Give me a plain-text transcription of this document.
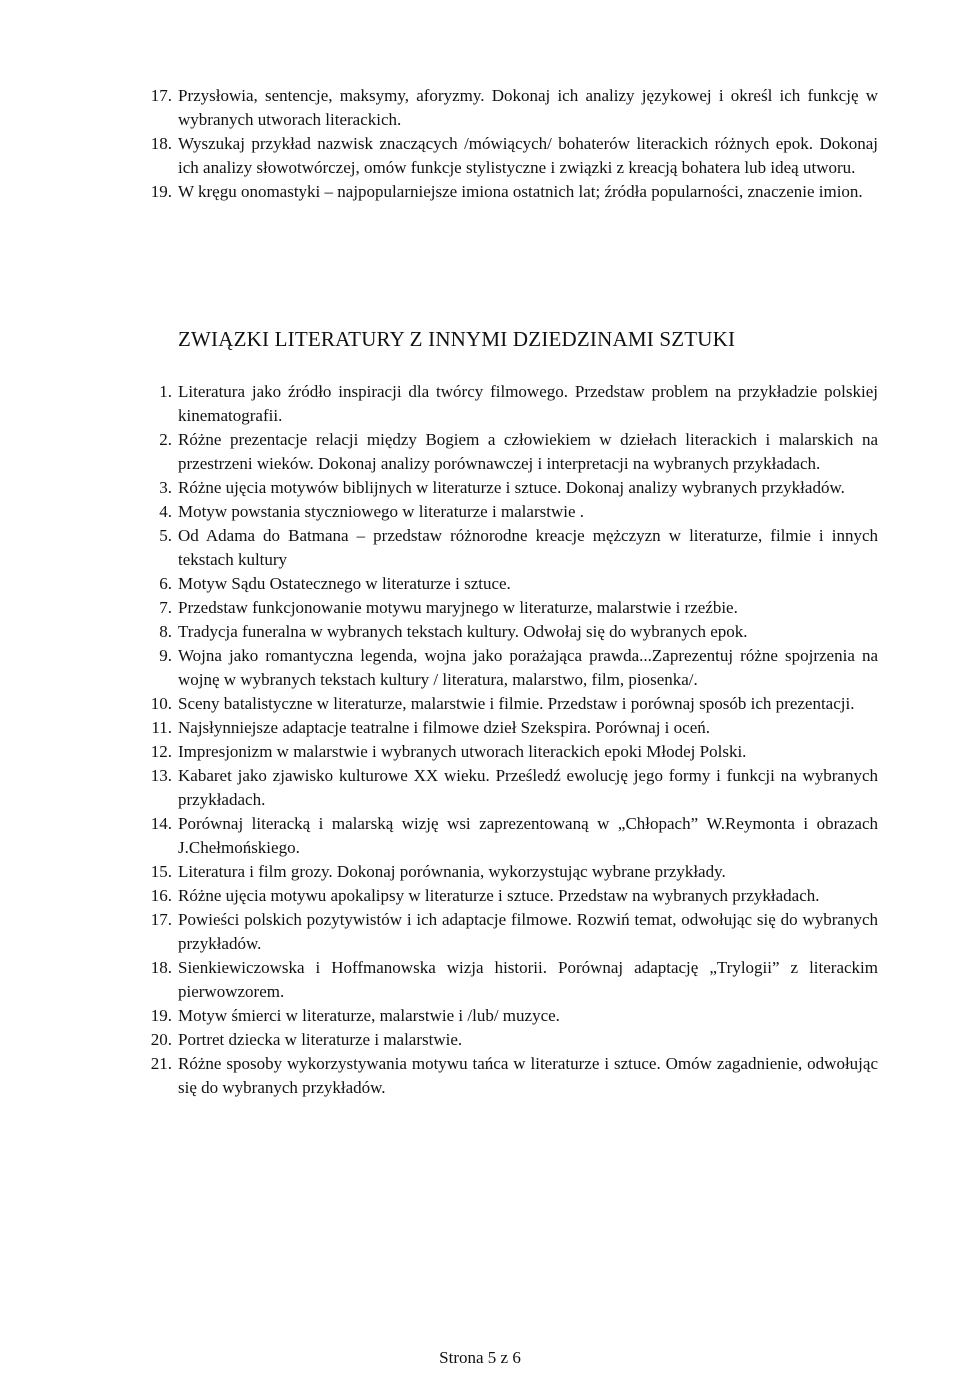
17. Przysłowia, sentencje, maksymy, aforyzmy. Dokonaj ich analizy językowej i określ ich funkcję w wybranych utworach literackich.
18. Wyszukaj przykład nazwisk znaczących /mówiących/ bohaterów literackich różnych epok. Dokonaj ich analizy słowotwórczej, omów funkcje stylistyczne i związki z kreacją bohatera lub ideą utworu.
19. W kręgu onomastyki – najpopularniejsze imiona ostatnich lat; źródła popularności, znaczenie imion.
ZWIĄZKI LITERATURY Z INNYMI DZIEDZINAMI SZTUKI
1. Literatura jako źródło inspiracji dla twórcy filmowego. Przedstaw problem na przykładzie polskiej kinematografii.
2. Różne prezentacje relacji między Bogiem a człowiekiem w dziełach literackich i malarskich na przestrzeni wieków. Dokonaj analizy porównawczej i interpretacji na wybranych przykładach.
3. Różne ujęcia motywów biblijnych w literaturze i sztuce. Dokonaj analizy wybranych przykładów.
4. Motyw powstania styczniowego w literaturze i malarstwie .
5. Od Adama do Batmana – przedstaw różnorodne kreacje mężczyzn w literaturze, filmie i innych tekstach kultury
6. Motyw Sądu Ostatecznego w literaturze i sztuce.
7. Przedstaw funkcjonowanie motywu maryjnego w literaturze, malarstwie i rzeźbie.
8. Tradycja funeralna w wybranych tekstach kultury. Odwołaj się do wybranych epok.
9. Wojna jako romantyczna legenda, wojna jako porażająca prawda...Zaprezentuj różne spojrzenia na wojnę w wybranych tekstach kultury / literatura, malarstwo, film, piosenka/.
10. Sceny batalistyczne w literaturze, malarstwie i filmie. Przedstaw i porównaj sposób ich prezentacji.
11. Najsłynniejsze adaptacje teatralne i filmowe dzieł Szekspira. Porównaj i oceń.
12. Impresjonizm w malarstwie i wybranych utworach literackich epoki Młodej Polski.
13. Kabaret jako zjawisko kulturowe XX wieku. Prześledź ewolucję jego formy i funkcji na wybranych przykładach.
14. Porównaj literacką i malarską wizję wsi zaprezentowaną w „Chłopach” W.Reymonta i obrazach J.Chełmońskiego.
15. Literatura i film grozy. Dokonaj porównania, wykorzystując wybrane przykłady.
16. Różne ujęcia motywu apokalipsy w literaturze i sztuce. Przedstaw na wybranych przykładach.
17. Powieści polskich pozytywistów i ich adaptacje filmowe. Rozwiń temat, odwołując się do wybranych przykładów.
18. Sienkiewiczowska i Hoffmanowska wizja historii. Porównaj adaptację „Trylogii” z literackim pierwowzorem.
19. Motyw śmierci w literaturze, malarstwie i /lub/ muzyce.
20. Portret dziecka w literaturze i malarstwie.
21. Różne sposoby wykorzystywania motywu tańca w literaturze i sztuce. Omów zagadnienie, odwołując się do wybranych przykładów.
Strona 5 z 6
